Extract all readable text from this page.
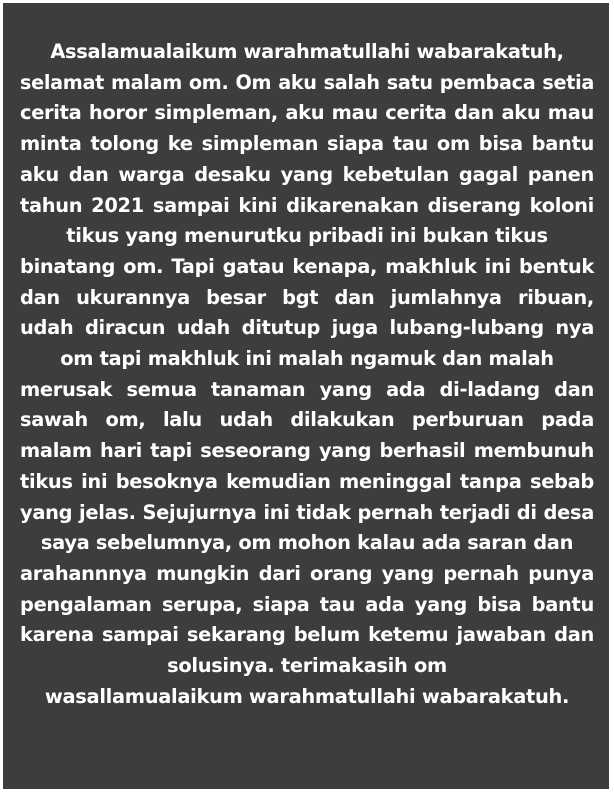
Assalamualaikum warahmatullahi wabarakatuh,
selamat malam om. Om aku salah satu pembaca setia
cerita horor simpleman, aku mau cerita dan aku mau
minta tolong ke simpleman siapa tau om bisa bantu
aku dan warga desaku yang kebetulan gagal panen
tahun 2021 sampai kini dikarenakan diserang koloni
tikus yang menurutku pribadi ini bukan tikus
binatang om. Tapi gatau kenapa, makhluk ini bentuk
dan ukurannya besar bgt dan jumlahnya ribuan,
udah diracun udah ditutup juga lubang-lubang nya
om tapi makhluk ini malah ngamuk dan malah
merusak semua tanaman yang ada di-ladang dan
sawah om, lalu udah dilakukan perburuan pada
malam hari tapi seseorang yang berhasil membunuh
tikus ini besoknya kemudian meninggal tanpa sebab
yang jelas. Sejujurnya ini tidak pernah terjadi di desa
saya sebelumnya, om mohon kalau ada saran dan
arahannnya mungkin dari orang yang pernah punya
pengalaman serupa, siapa tau ada yang bisa bantu
karena sampai sekarang belum ketemu jawaban dan
solusinya. terimakasih om
wasallamualaikum warahmatullahi wabarakatuh.
